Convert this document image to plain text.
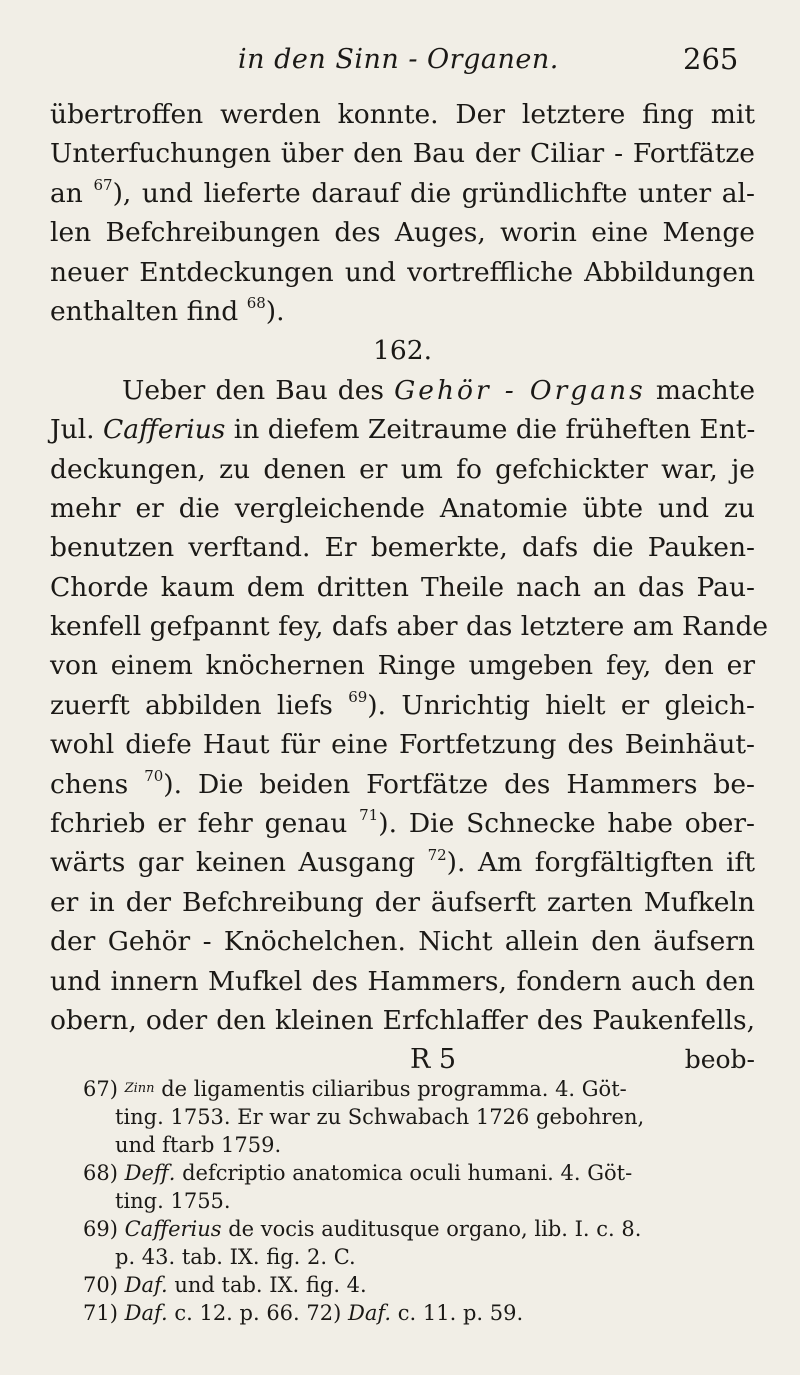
in den Sinn - Organen.	265
übertroffen werden konnte. Der letztere fing mit
Unterfuchungen über den Bau der Ciliar - Fortfätze
an $^{67}$), und lieferte darauf die gründlichfte unter al-
len Befchreibungen des Auges, worin eine Menge
neuer Entdeckungen und vortreffliche Abbildungen
enthalten find $^{68}$).
162.
Ueber den Bau des Gehör - Organs machte
Jul. Cafferius in diefem Zeitraume die früheften Ent-
deckungen, zu denen er um fo gefchickter war, je
mehr er die vergleichende Anatomie übte und zu
benutzen verftand. Er bemerkte, dafs die Pauken-
Chorde kaum dem dritten Theile nach an das Pau-
kenfell gefpannt fey, dafs aber das letztere am Rande
von einem knöchernen Ringe umgeben fey, den er
zuerft abbilden liefs $^{69}$). Unrichtig hielt er gleich-
wohl diefe Haut für eine Fortfetzung des Beinhäut-
chens $^{70}$). Die beiden Fortfätze des Hammers be-
fchrieb er fehr genau $^{71}$). Die Schnecke habe ober-
wärts gar keinen Ausgang $^{72}$). Am forgfältigften ift
er in der Befchreibung der äufserft zarten Mufkeln
der Gehör - Knöchelchen. Nicht allein den äufsern
und innern Mufkel des Hammers, fondern auch den
obern, oder den kleinen Erfchlaffer des Paukenfells,
R 5	beob-
67) $^{Zinn}$ de ligamentis ciliaribus programma. 4. Göt-
ting. 1753. Er war zu Schwabach 1726 gebohren,
und ftarb 1759.
68) Deff. defcriptio anatomica oculi humani. 4. Göt-
ting. 1755.
69) Cafferius de vocis auditusque organo, lib. I. c. 8.
p. 43. tab. IX. fig. 2. C.
70) Daf. und tab. IX. fig. 4.
71) Daf. c. 12. p. 66. 72) Daf. c. 11. p. 59.
